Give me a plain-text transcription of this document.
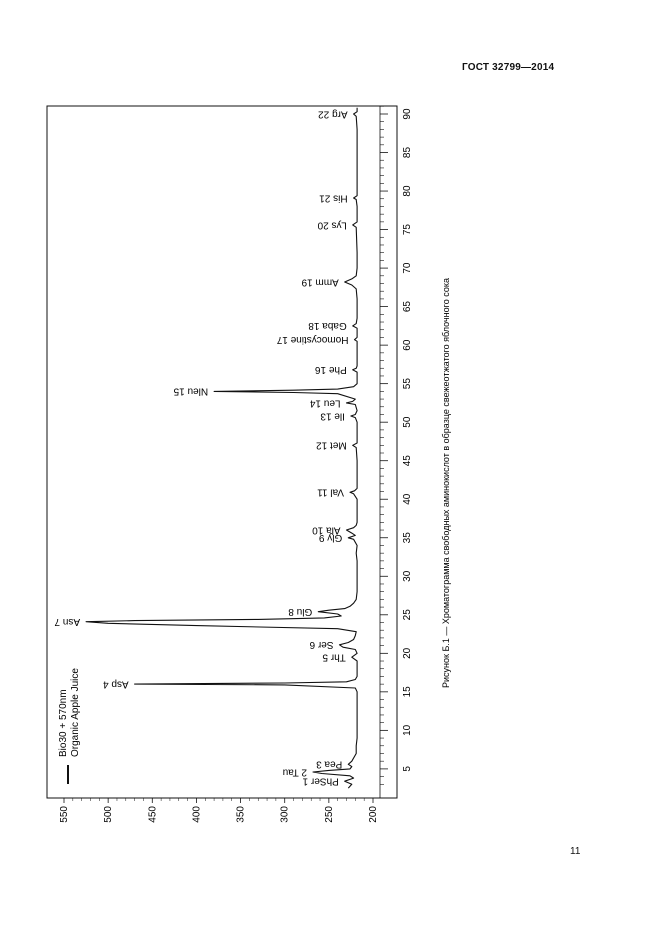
ГОСТ 32799—2014
5
10
15
20
25
30
35
40
45
50
55
60
65
70
75
80
85
90
200
250
300
350
400
450
500
550
PhSer 1
2 Tau
Pea 3
Asp 4
Thr 5
Ser 6
Asn 7
Glu 8
Gly 9
Ala 10
Val 11
Met 12
Ile 13
Leu 14
Nleu 15
Phe 16
Homocystine 17
Gaba 18
Amm 19
Lys 20
His 21
Arg 22
Bio30 + 570nm Organic Apple Juice
Рисунок Б.1 — Хроматограмма свободных аминокислот в образце свежеотжатого яблочного сока
11
